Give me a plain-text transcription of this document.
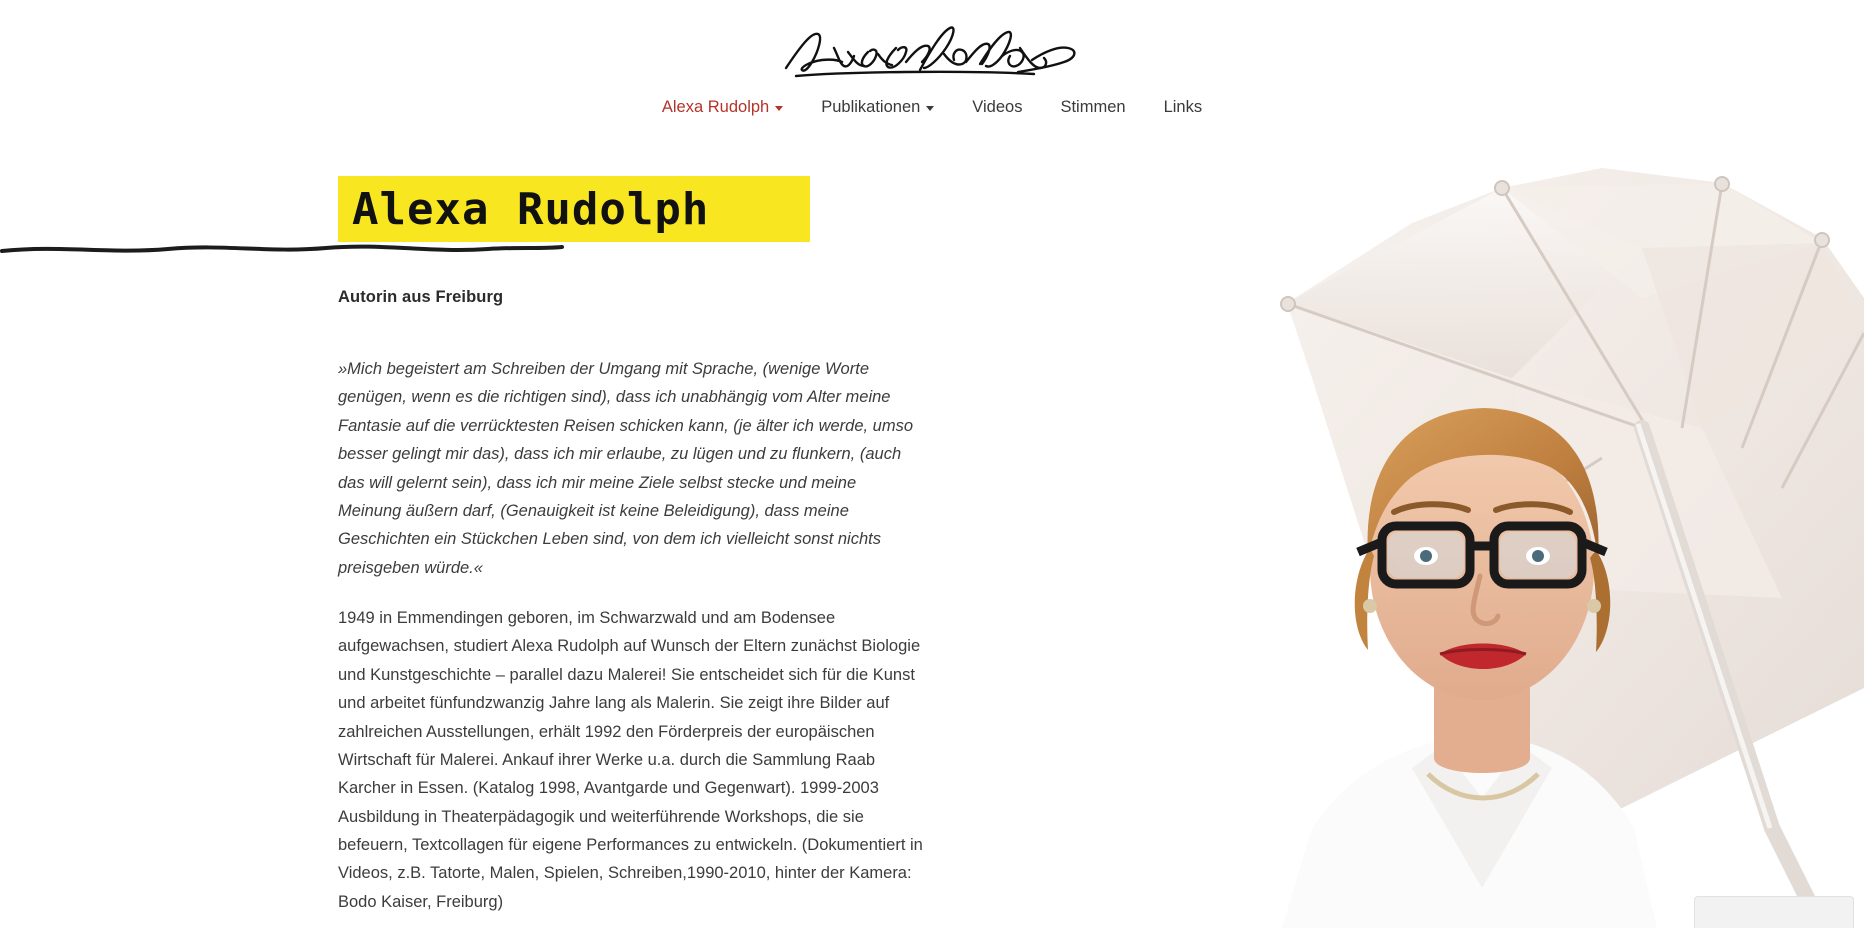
Alexa Rudolph	Publikationen	Videos Stimmen Links
Alexa Rudolph
Autorin aus Freiburg

»Mich begeistert am Schreiben der Umgang mit Sprache, (wenige Worte genügen, wenn es die richtigen sind), dass ich unabhängig vom Alter meine Fantasie auf die verrücktesten Reisen schicken kann, (je älter ich werde, umso besser gelingt mir das), dass ich mir erlaube, zu lügen und zu flunkern, (auch das will gelernt sein), dass ich mir meine Ziele selbst stecke und meine Meinung äußern darf, (Genauigkeit ist keine Beleidigung), dass meine Geschichten ein Stückchen Leben sind, von dem ich vielleicht sonst nichts preisgeben würde.«

1949 in Emmendingen geboren, im Schwarzwald und am Bodensee aufgewachsen, studiert Alexa Rudolph auf Wunsch der Eltern zunächst Biologie und Kunstgeschichte – parallel dazu Malerei! Sie entscheidet sich für die Kunst und arbeitet fünfundzwanzig Jahre lang als Malerin. Sie zeigt ihre Bilder auf zahlreichen Ausstellungen, erhält 1992 den Förderpreis der europäischen Wirtschaft für Malerei. Ankauf ihrer Werke u.a. durch die Sammlung Raab Karcher in Essen. (Katalog 1998, Avantgarde und Gegenwart). 1999-2003 Ausbildung in Theaterpädagogik und weiterführende Workshops, die sie befeuern, Textcollagen für eigene Performances zu entwickeln. (Dokumentiert in Videos, z.B. Tatorte, Malen, Spielen, Schreiben,1990-2010, hinter der Kamera: Bodo Kaiser, Freiburg)
